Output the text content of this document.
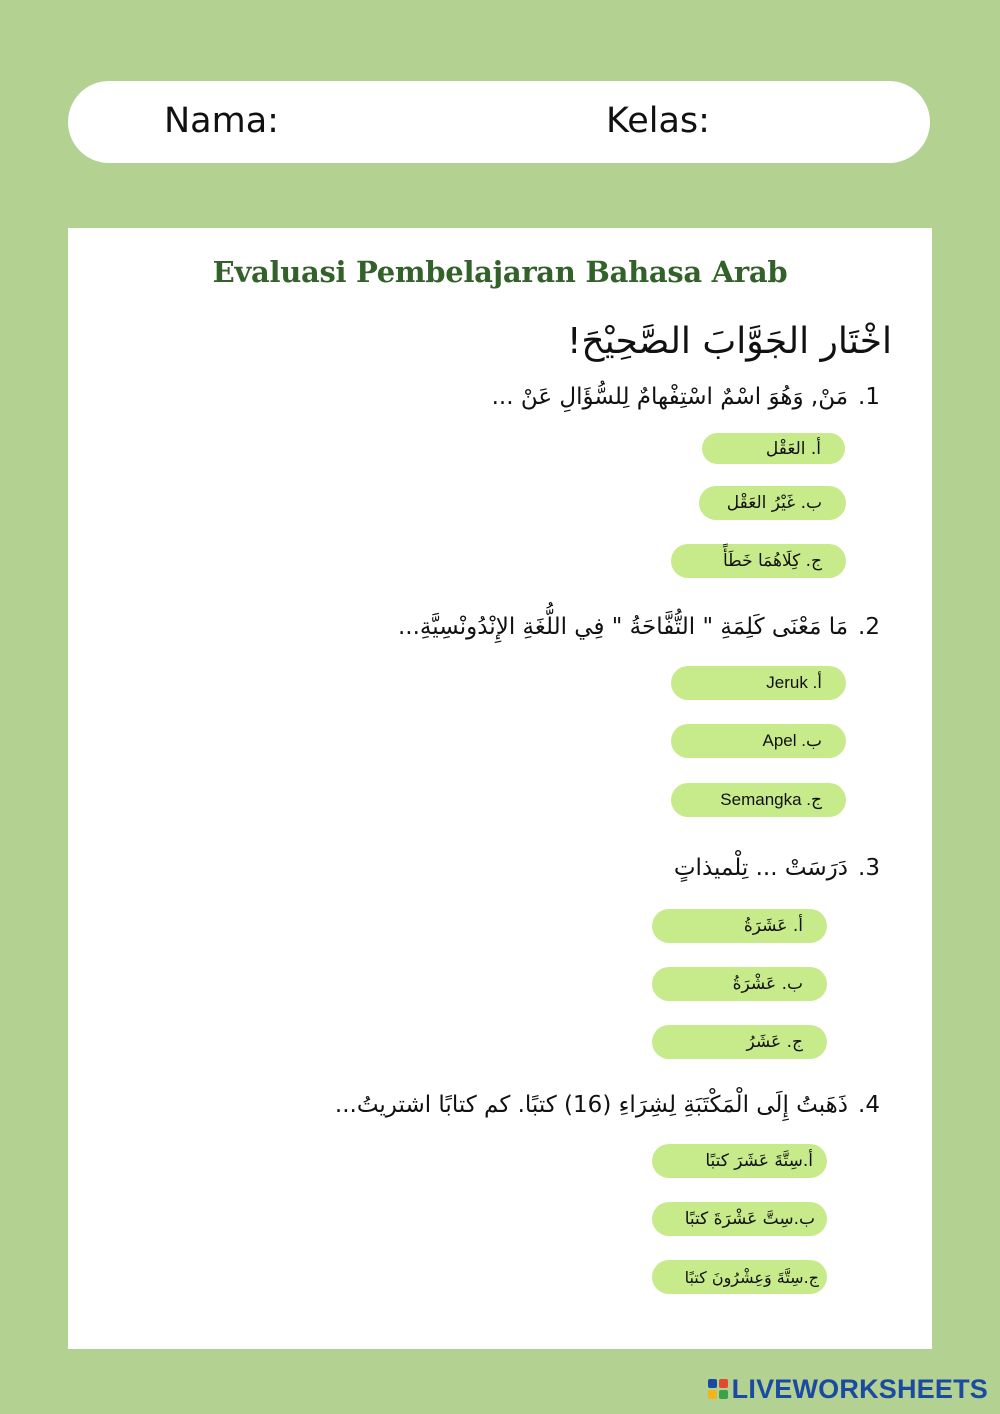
Nama:	Kelas:
Evaluasi Pembelajaran Bahasa Arab
اخْتَار الجَوَّابَ الصَّحِيْحَ!
1.مَنْ, وَهُوَ اسْمٌ اسْتِفْهامٌ لِلسُّؤَالِ عَنْ ...
أ. العَقْل
ب. غَيْرُ العَقْل
ج. كِلَاهُمَا خَطَأً
2.مَا مَعْنَى كَلِمَةِ " التُّفَّاحَةُ " فِي اللُّغَةِ الإِنْدُونْسِيَّةِ...
أ. Jeruk
ب. Apel
ج. Semangka
3.دَرَسَتْ ... تِلْميذاتٍ
أ. عَشَرَةُ
ب. عَشْرَةُ
ج. عَشَرُ
4.ذَهَبتُ إِلَى الْمَكْتَبَةِ لِشِرَاءِ (16) كتبًا. كم كتابًا اشتريتُ...
أ.سِتَّةَ عَشَرَ كتبًا
ب.سِتَّ عَشْرَةَ كتبًا
ج.سِتَّةَ وَعِشْرُونَ كتبًا
LIVEWORKSHEETS
